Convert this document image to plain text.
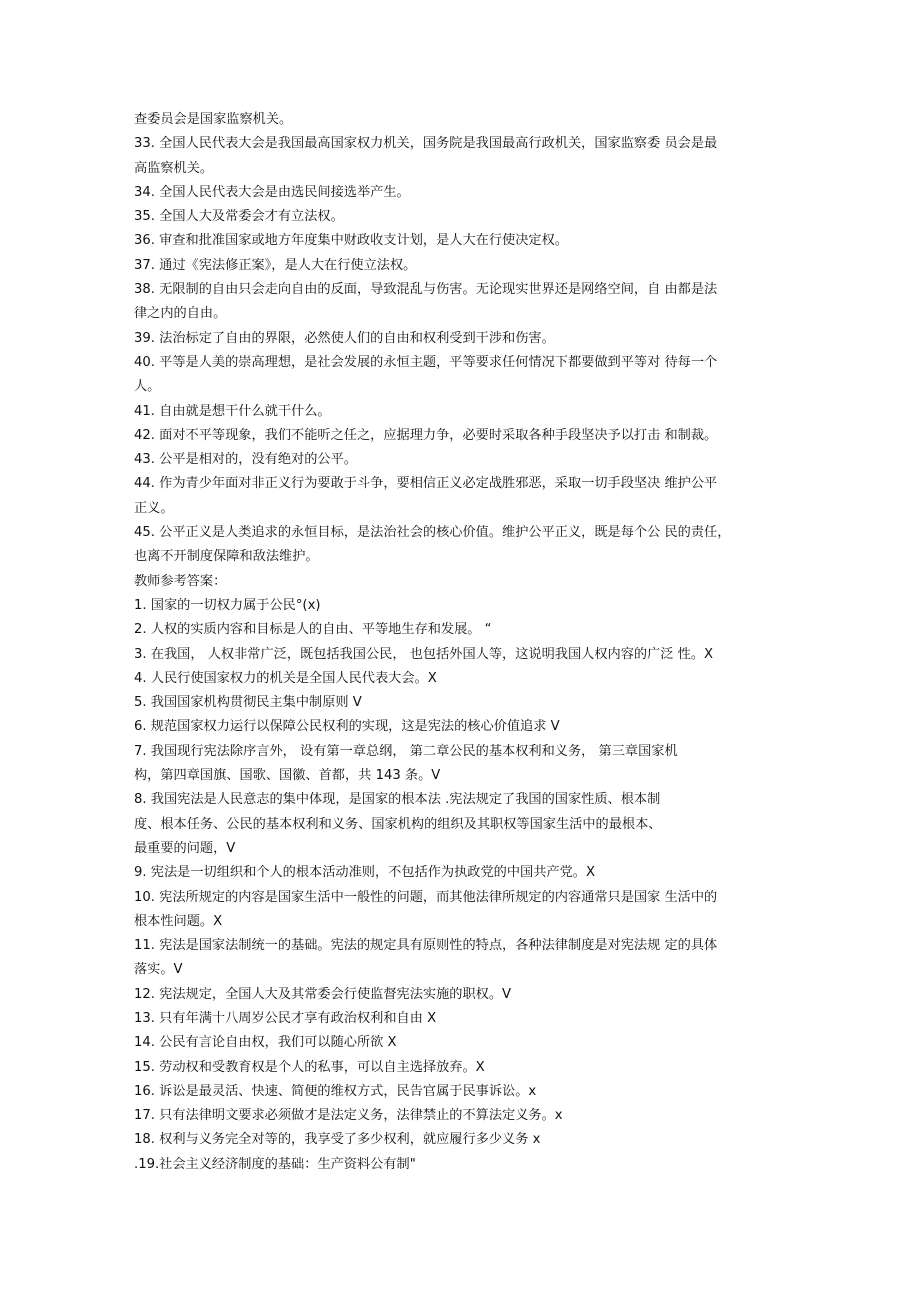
查委员会是国家监察机关。
33. 全国人民代表大会是我国最高国家权力机关，国务院是我国最高行政机关，国家监察委 员会是最
高监察机关。
34. 全国人民代表大会是由选民间接选举产生。
35. 全国人大及常委会才有立法权。
36. 审查和批准国家或地方年度集中财政收支计划，是人大在行使决定权。
37. 通过《宪法修正案》，是人大在行使立法权。
38. 无限制的自由只会走向自由的反面，导致混乱与伤害。无论现实世界还是网络空间，自 由都是法
律之内的自由。
39. 法治标定了自由的界限，必然使人们的自由和权利受到干涉和伤害。
40. 平等是人美的崇高理想，是社会发展的永恒主题，平等要求任何情况下都要做到平等对 待每一个
人。
41. 自由就是想干什么就干什么。
42. 面对不平等现象，我们不能听之任之，应据理力争，必要时采取各种手段坚决予以打击 和制裁。
43. 公平是相对的，没有绝对的公平。
44. 作为青少年面对非正义行为要敢于斗争，要相信正义必定战胜邪恶，采取一切手段坚决 维护公平
正义。
45. 公平正义是人类追求的永恒目标，是法治社会的核心价值。维护公平正义，既是每个公 民的责任，
也离不开制度保障和敌法维护。
教师参考答案：
1. 国家的一切权力属于公民°(x)
2. 人权的实质内容和目标是人的自由、平等地生存和发展。 “
3. 在我国， 人权非常广泛，既包括我国公民， 也包括外国人等，这说明我国人权内容的广泛 性。X
4. 人民行使国家权力的机关是全国人民代表大会。X
5. 我国国家机构贯彻民主集中制原则 V
6. 规范国家权力运行以保障公民权利的实现，这是宪法的核心价值追求 V
7. 我国现行宪法除序言外， 设有第一章总纲， 第二章公民的基本权利和义务， 第三章国家机
构，第四章国旗、国歌、国徽、首都，共 143 条。V
8. 我国宪法是人民意志的集中体现，是国家的根本法 .宪法规定了我国的国家性质、根本制
度、根本任务、公民的基本权利和义务、国家机构的组织及其职权等国家生活中的最根本、
最重要的问题，V
9. 宪法是一切组织和个人的根本活动准则，不包括作为执政党的中国共产党。X
10. 宪法所规定的内容是国家生活中一般性的问题，而其他法律所规定的内容通常只是国家 生活中的
根本性问题。X
11. 宪法是国家法制统一的基础。宪法的规定具有原则性的特点，各种法律制度是对宪法规 定的具体
落实。V
12. 宪法规定，全国人大及其常委会行使监督宪法实施的职权。V
13. 只有年满十八周岁公民才享有政治权利和自由 X
14. 公民有言论自由权，我们可以随心所欲 X
15. 劳动权和受教育权是个人的私事，可以自主选择放弃。X
16. 诉讼是最灵活、快速、简便的维权方式，民告官属于民事诉讼。x
17. 只有法律明文要求必须做才是法定义务，法律禁止的不算法定义务。x
18. 权利与义务完全对等的，我享受了多少权利，就应履行多少义务 x
.19.社会主义经济制度的基础：生产资料公有制"
